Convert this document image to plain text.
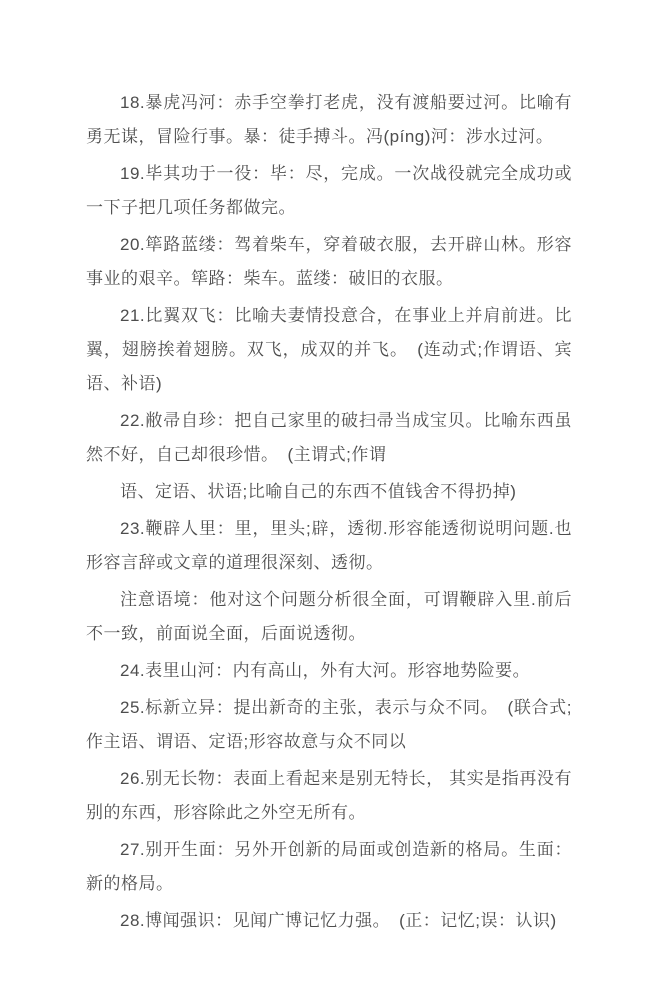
18.暴虎冯河：赤手空拳打老虎，没有渡船要过河。比喻有勇无谋，冒险行事。暴：徒手搏斗。冯(píng)河：涉水过河。

19.毕其功于一役：毕：尽，完成。一次战役就完全成功或一下子把几项任务都做完。

20.筚路蓝缕：驾着柴车，穿着破衣服，去开辟山林。形容事业的艰辛。筚路：柴车。蓝缕：破旧的衣服。

21.比翼双飞：比喻夫妻情投意合，在事业上并肩前进。比翼，翅膀挨着翅膀。双飞，成双的并飞。　(连动式;作谓语、宾语、补语)

22.敝帚自珍：把自己家里的破扫帚当成宝贝。比喻东西虽然不好，自己却很珍惜。　(主谓式;作谓

语、定语、状语;比喻自己的东西不值钱舍不得扔掉)

23.鞭辟人里：里，里头;辟，透彻.形容能透彻说明问题.也形容言辞或文章的道理很深刻、透彻。

注意语境：他对这个问题分析很全面，可谓鞭辟入里.前后不一致，前面说全面，后面说透彻。

24.表里山河：内有高山，外有大河。形容地势险要。

25.标新立异：提出新奇的主张，表示与众不同。　(联合式;作主语、谓语、定语;形容故意与众不同以

26.别无长物：表面上看起来是别无特长， 其实是指再没有别的东西，形容除此之外空无所有。

27.别开生面：另外开创新的局面或创造新的格局。生面：新的格局。

28.博闻强识：见闻广博记忆力强。　(正：记忆;误：认识)
